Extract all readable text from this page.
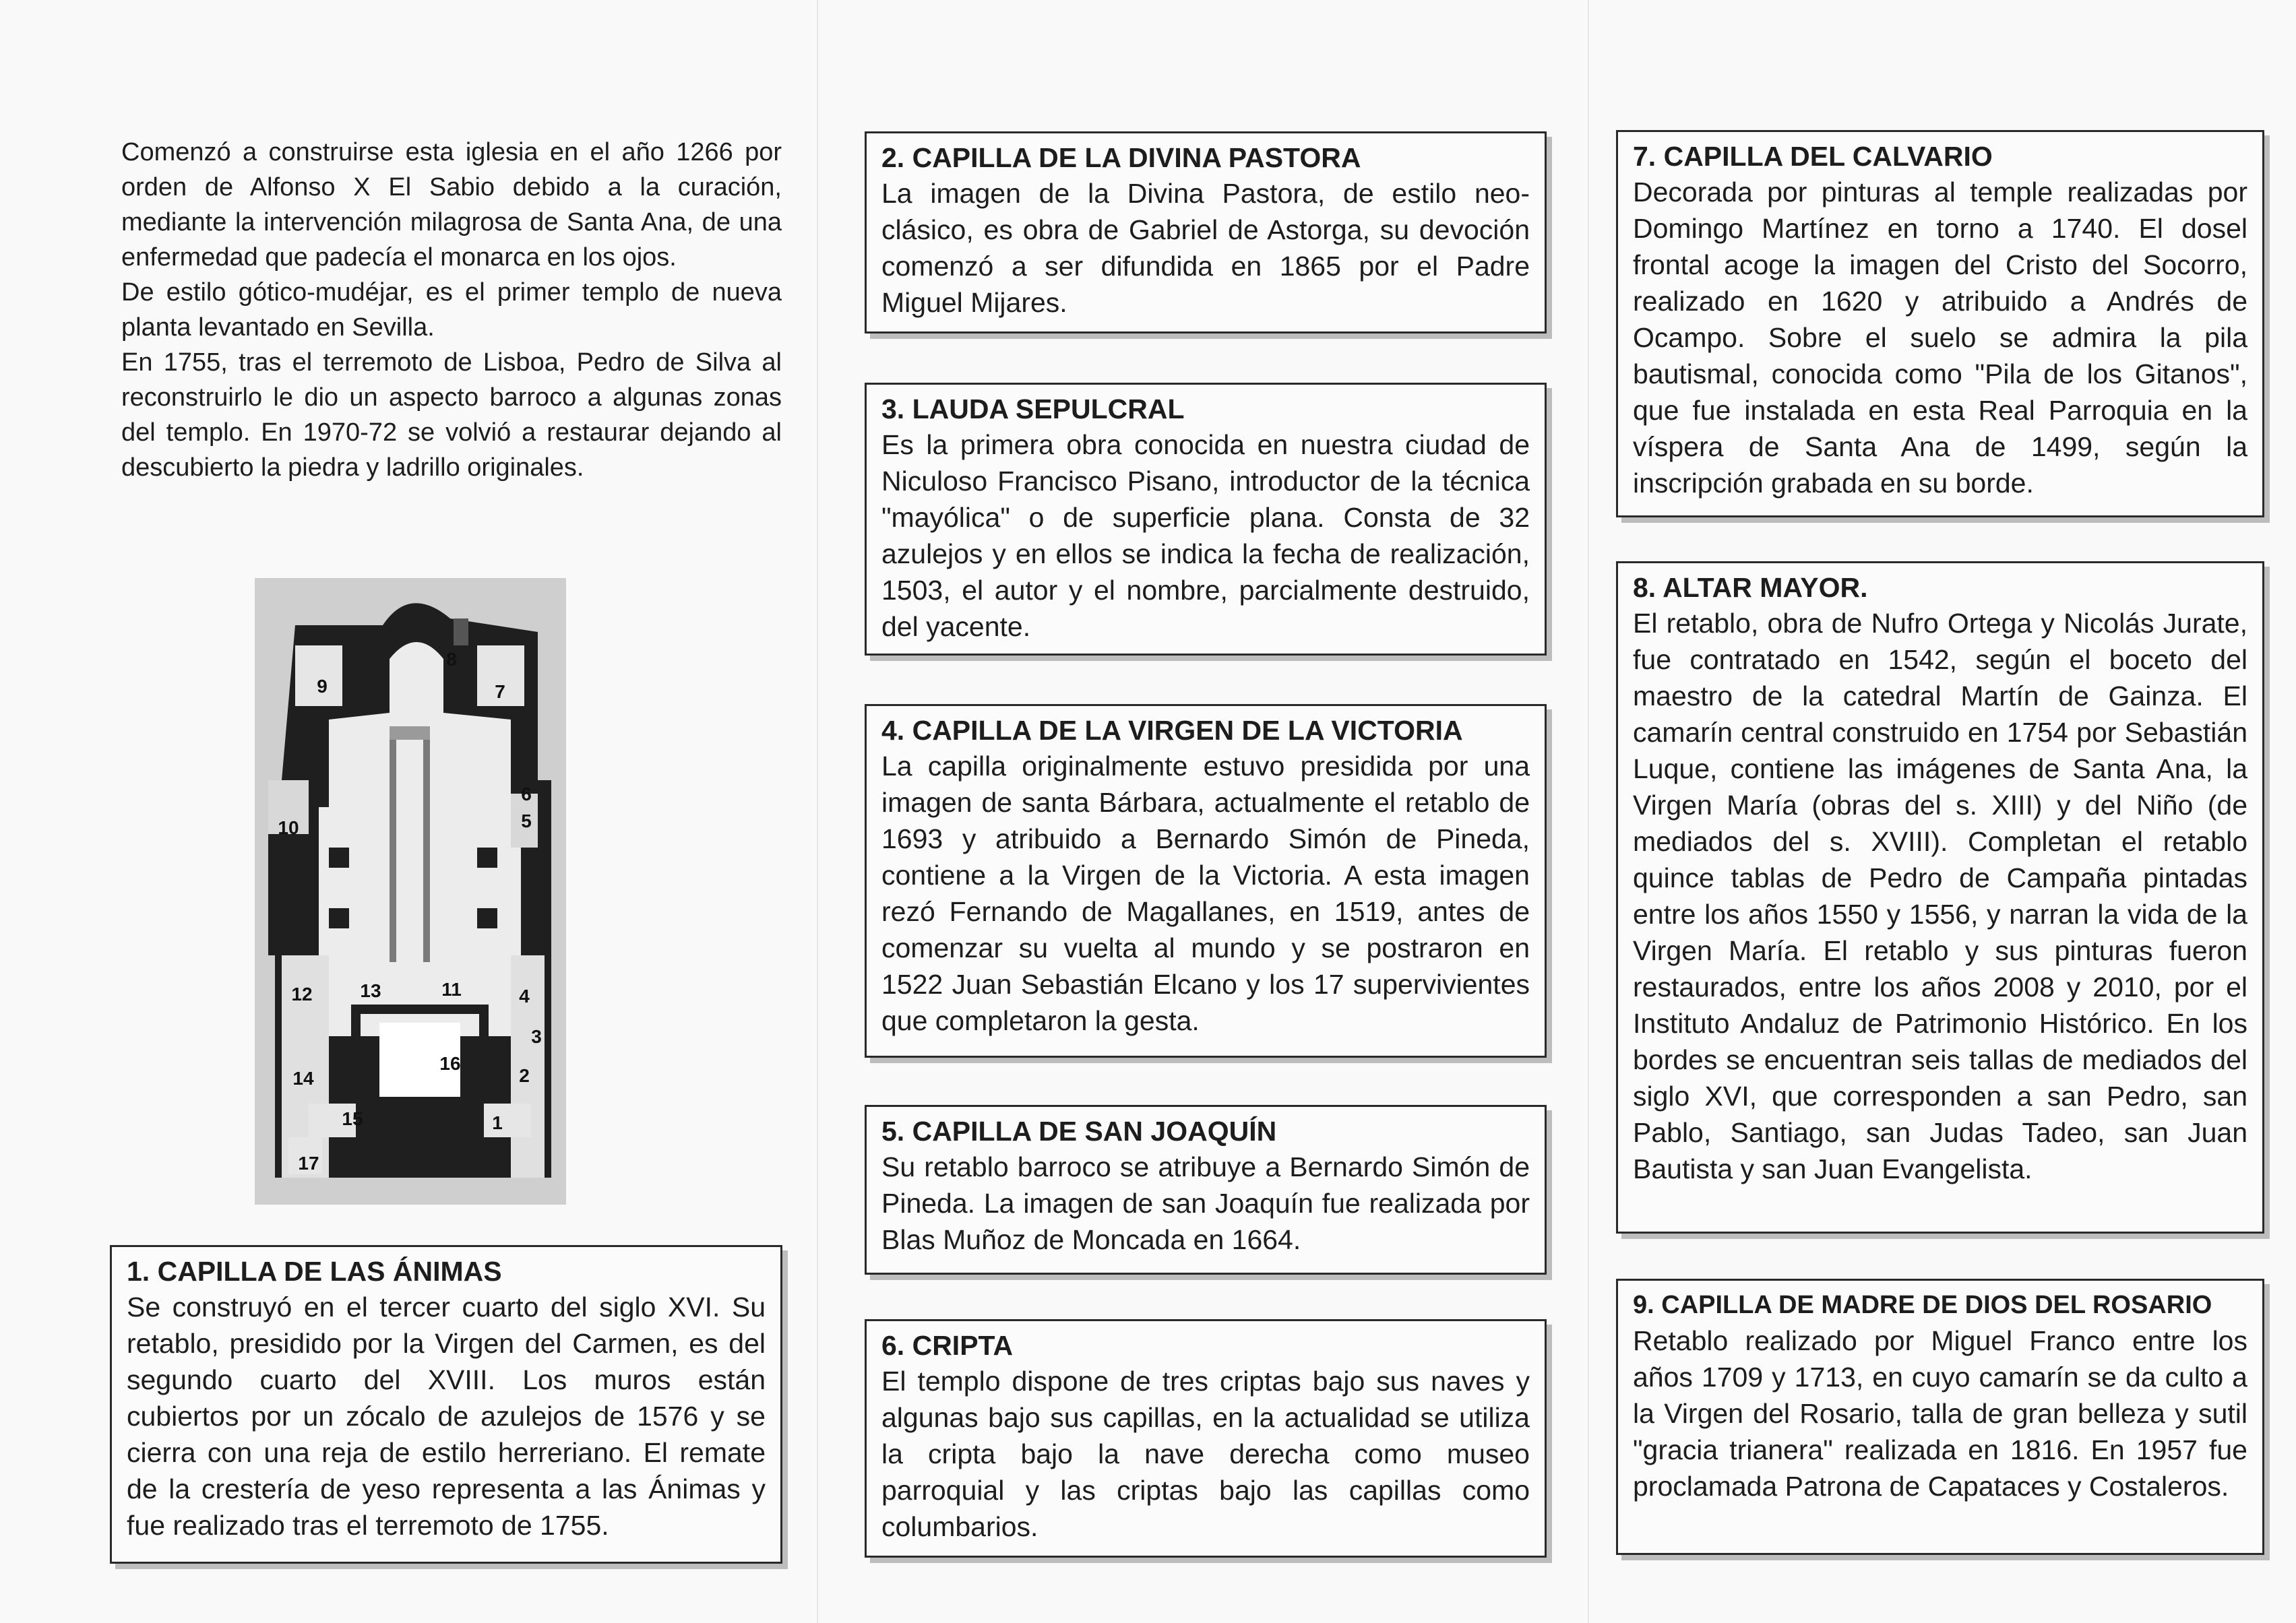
Comenzó a construirse esta iglesia en el año 1266 por orden de Alfonso X El Sabio debido a la curación, mediante la intervención milagrosa de Santa Ana, de una enfermedad que padecía el monarca en los ojos.

De estilo gótico-mudéjar, es el primer templo de nueva planta levantado en Sevilla.

En 1755, tras el terremoto de Lisboa, Pedro de Silva al reconstruirlo le dio un aspecto barroco a algunas zonas del templo. En 1970-72 se volvió a restaurar dejando al descubierto la piedra y ladrillo originales.

1
2
3
4
5
6
7
8
9
10
11
12	13
14
15
16
17
1. CAPILLA DE LAS ÁNIMAS

Se construyó en el tercer cuarto del siglo XVI. Su retablo, presidido por la Virgen del Carmen, es del segundo cuarto del XVIII. Los muros están cubiertos por un zócalo de azulejos de 1576 y se cierra con una reja de estilo herreriano. El remate de la crestería de yeso representa a las Ánimas y fue realizado tras el terremoto de 1755.

2. CAPILLA DE LA DIVINA PASTORA

La imagen de la Divina Pastora, de estilo neo-clásico, es obra de Gabriel de Astorga, su devoción comenzó a ser difundida en 1865 por el Padre Miguel Mijares.

3. LAUDA SEPULCRAL

Es la primera obra conocida en nuestra ciudad de Niculoso Francisco Pisano, introductor de la técnica "mayólica" o de superficie plana. Consta de 32 azulejos y en ellos se indica la fecha de realización, 1503, el autor y el nombre, parcialmente destruido, del yacente.

4. CAPILLA DE LA VIRGEN DE LA VICTORIA

La capilla originalmente estuvo presidida por una imagen de santa Bárbara, actualmente el retablo de 1693 y atribuido a Bernardo Simón de Pineda, contiene a la Virgen de la Victoria. A esta imagen rezó Fernando de Magallanes, en 1519, antes de comenzar su vuelta al mundo y se postraron en 1522 Juan Sebastián Elcano y los 17 supervivientes que completaron la gesta.

5. CAPILLA DE SAN JOAQUÍN

Su retablo barroco se atribuye a Bernardo Simón de Pineda. La imagen de san Joaquín fue realizada por Blas Muñoz de Moncada en 1664.

6. CRIPTA

El templo dispone de tres criptas bajo sus naves y algunas bajo sus capillas, en la actualidad se utiliza la cripta bajo la nave derecha como museo parroquial y las criptas bajo las capillas como columbarios.

7. CAPILLA DEL CALVARIO

Decorada por pinturas al temple realizadas por Domingo Martínez en torno a 1740. El dosel frontal acoge la imagen del Cristo del Socorro, realizado en 1620 y atribuido a Andrés de Ocampo. Sobre el suelo se admira la pila bautismal, conocida como "Pila de los Gitanos", que fue instalada en esta Real Parroquia en la víspera de Santa Ana de 1499, según la inscripción grabada en su borde.

8. ALTAR MAYOR.

El retablo, obra de Nufro Ortega y Nicolás Jurate, fue contratado en 1542, según el boceto del maestro de la catedral Martín de Gainza. El camarín central construido en 1754 por Sebastián Luque, contiene las imágenes de Santa Ana, la Virgen María (obras del s. XIII) y del Niño (de mediados del s. XVIII). Completan el retablo quince tablas de Pedro de Campaña pintadas entre los años 1550 y 1556, y narran la vida de la Virgen María. El retablo y sus pinturas fueron restaurados, entre los años 2008 y 2010, por el Instituto Andaluz de Patrimonio Histórico. En los bordes se encuentran seis tallas de mediados del siglo XVI, que corresponden a san Pedro, san Pablo, Santiago, san Judas Tadeo, san Juan Bautista y san Juan Evangelista.

9. CAPILLA DE MADRE DE DIOS DEL ROSARIO

Retablo realizado por Miguel Franco entre los años 1709 y 1713, en cuyo camarín se da culto a la Virgen del Rosario, talla de gran belleza y sutil "gracia trianera" realizada en 1816. En 1957 fue proclamada Patrona de Capataces y Costaleros.
